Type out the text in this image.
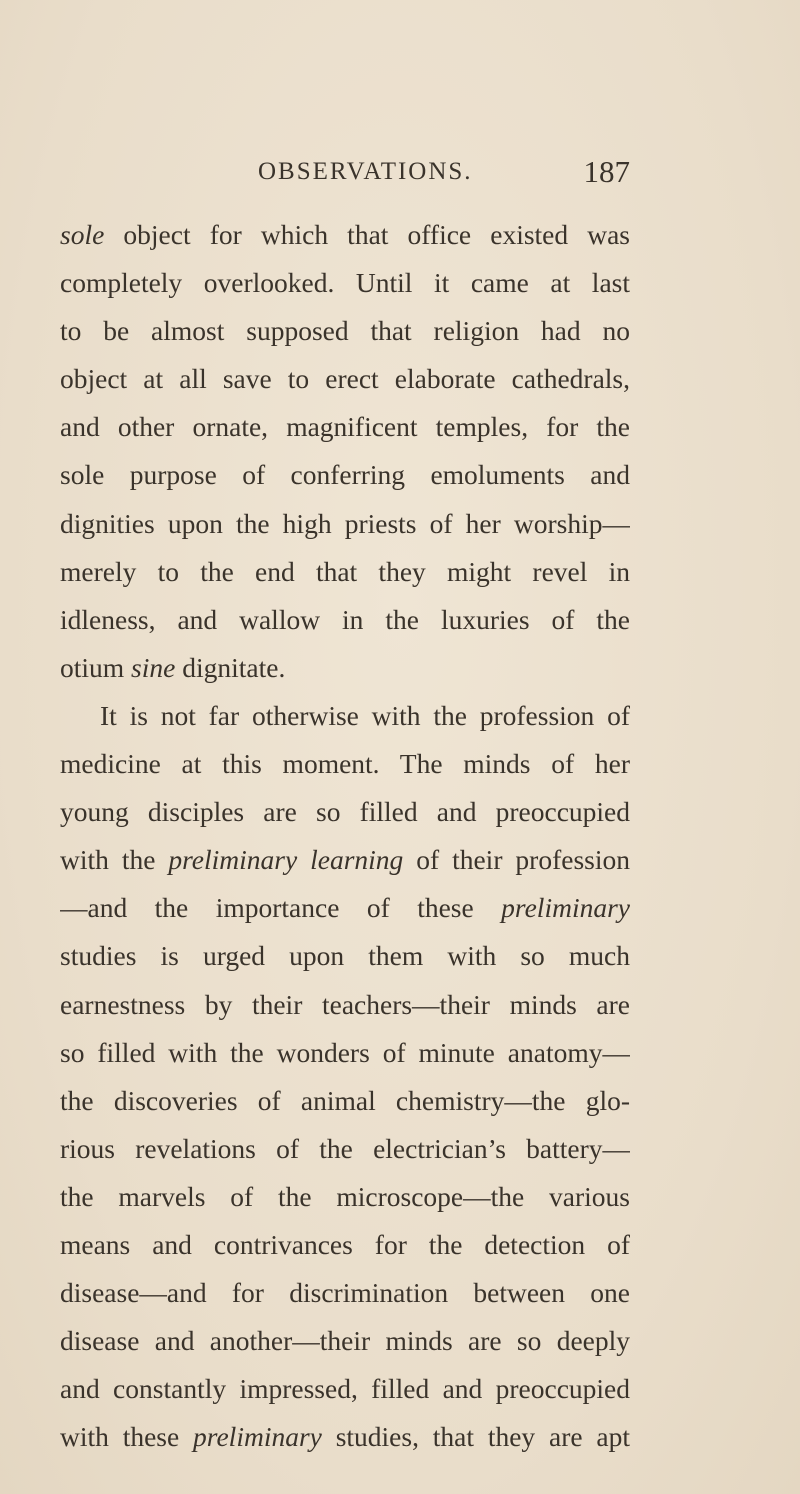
OBSERVATIONS.	187
sole object for which that office existed was
completely overlooked. Until it came at last
to be almost supposed that religion had no
object at all save to erect elaborate cathedrals,
and other ornate, magnificent temples, for the
sole purpose of conferring emoluments and
dignities upon the high priests of her worship—
merely to the end that they might revel in
idleness, and wallow in the luxuries of the
otium sine dignitate.
It is not far otherwise with the profession of
medicine at this moment. The minds of her
young disciples are so filled and preoccupied
with the preliminary learning of their profession
—and the importance of these preliminary
studies is urged upon them with so much
earnestness by their teachers—their minds are
so filled with the wonders of minute anatomy—
the discoveries of animal chemistry—the glo-
rious revelations of the electrician’s battery—
the marvels of the microscope—the various
means and contrivances for the detection of
disease—and for discrimination between one
disease and another—their minds are so deeply
and constantly impressed, filled and preoccupied
with these preliminary studies, that they are apt
